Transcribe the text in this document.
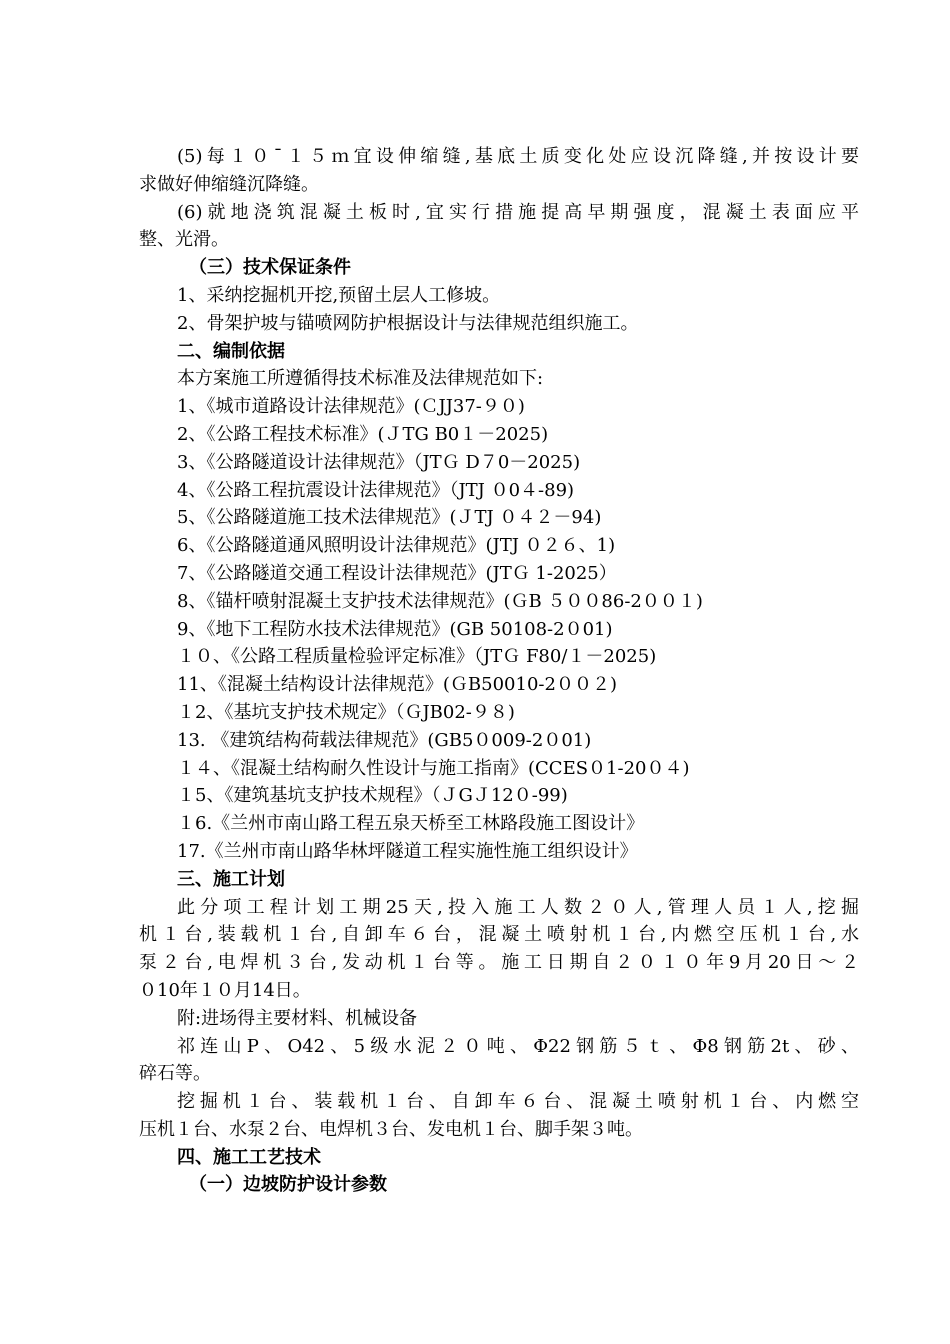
(5)每１０¯１５ｍ宜设伸缩缝,基底土质变化处应设沉降缝,并按设计要
求做好伸缩缝沉降缝。
(6)就地浇筑混凝土板时,宜实行措施提高早期强度，混凝土表面应平
整、光滑。
（三）技术保证条件
1、采纳挖掘机开挖,预留土层人工修坡。
2、骨架护坡与锚喷网防护根据设计与法律规范组织施工。
二、编制依据
本方案施工所遵循得技术标准及法律规范如下:
1、《城市道路设计法律规范》(ＣJJ37-９０)
2、《公路工程技术标准》(ＪTG B0１－2025)
3、《公路隧道设计法律规范》（JTＧ D７0－2025)
4、《公路工程抗震设计法律规范》（JTJ ０0４-89)
5、《公路隧道施工技术法律规范》(ＪTJ ０４２－94)
6、《公路隧道通风照明设计法律规范》(JTJ ０２６、1)
7、《公路隧道交通工程设计法律规范》(JTＧ 1-2025）
8、《锚杆喷射混凝土支护技术法律规范》(ＧB ５００86-2００１)
9、《地下工程防水技术法律规范》(GB 50108-2０01)
１０、《公路工程质量检验评定标准》（JTＧ F80/１－2025)
11、《混凝土结构设计法律规范》(ＧB50010-2００２)
１2、《基坑支护技术规定》（ＧJB02-９８)
13. 《建筑结构荷载法律规范》(GB5０009-2０01)
１４、《混凝土结构耐久性设计与施工指南》(CCES０1-20０４)
１5、《建筑基坑支护技术规程》（ＪGＪ12０-99)
１6.《兰州市南山路工程五泉天桥至工林路段施工图设计》
17.《兰州市南山路华林坪隧道工程实施性施工组织设计》
三、施工计划
此分项工程计划工期25天,投入施工人数２０人,管理人员１人,挖掘
机１台,装载机１台,自卸车６台，混凝土喷射机１台,内燃空压机１台,水
泵２台,电焊机３台,发动机１台等。施工日期自２０１０年9月20日～２
０10年１０月14日。
附:进场得主要材料、机械设备
祁连山P、O42、5级水泥２０吨、Φ22钢筋５ｔ、Φ8钢筋2t、砂、
碎石等。
挖掘机１台、装载机１台、自卸车６台、混凝土喷射机１台、内燃空
压机１台、水泵２台、电焊机３台、发电机１台、脚手架３吨。
四、施工工艺技术
（一）边坡防护设计参数
